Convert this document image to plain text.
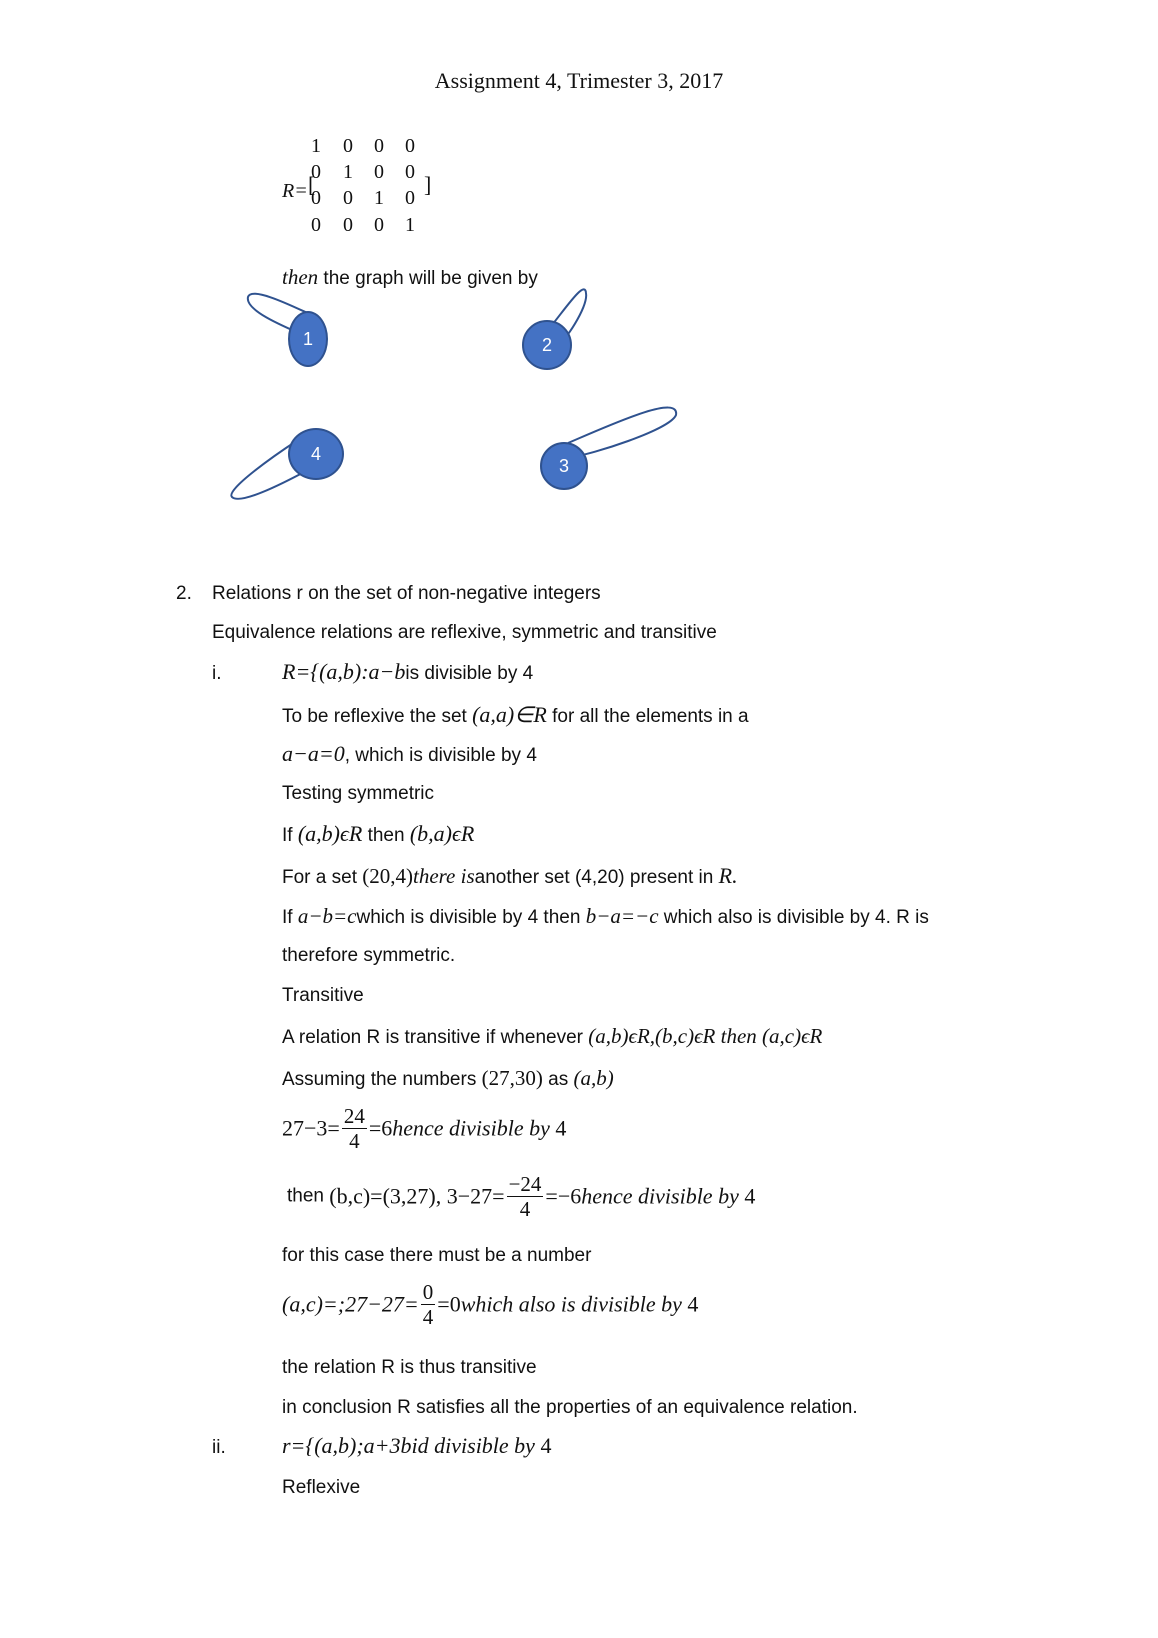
Assignment 4, Trimester 3, 2017
R= [	]
1 0 0 0
0 1 0 0
0 0 1 0
0 0 0 1
then the graph will be given by
1	2
4
3
2. Relations r on the set of non-negative integers
Equivalence relations are reflexive, symmetric and transitive
i.	R={(a,b):a−bis divisible by 4
To be reflexive the set (a,a)∈R for all the elements in a
a−a=0, which is divisible by 4
Testing symmetric
If (a,b)ϵR then (b,a)ϵR
For a set (20,4)there isanother set (4,20) present in R.
If a−b=cwhich is divisible by 4 then b−a=−c which also is divisible by 4. R is
therefore symmetric.
Transitive
A relation R is transitive if whenever (a,b)ϵR,(b,c)ϵR then (a,c)ϵR
Assuming the numbers (27,30) as (a,b)
$27-3= \frac{24}{4}$ =6hence divisible by 4
then (b,c)=(3,27), $3-27= \frac{-24}{4}$ =−6hence divisible by 4
for this case there must be a number
(a,c)=;27−27= $\frac{0}{4}$ =0which also is divisible by 4
the relation R is thus transitive
in conclusion R satisfies all the properties of an equivalence relation.
ii.	r={(a,b);a+3bid divisible by 4
Reflexive
